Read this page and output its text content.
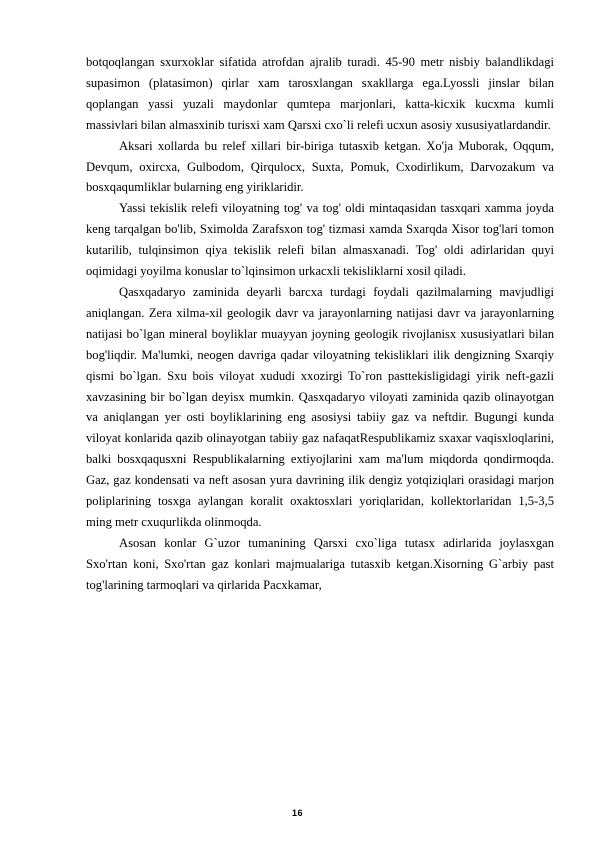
botqoqlangan sxurxoklar sifatida atrofdan ajralib turadi. 45-90 metr nisbiy balandlikdagi supasimon (platasimon) qirlar xam tarosxlangan sxakllarga ega.Lyossli jinslar bilan qoplangan yassi yuzali maydonlar qumtepa marjonlari, katta-kicxik kucxma kumli massivlari bilan almasxinib turisxi xam Qarsxi cxo`li relefi ucxun asosiy xususiyatlardandir.

Aksari xollarda bu relef xillari bir-biriga tutasxib ketgan. Xo'ja Muborak, Oqqum, Devqum, oxircxa, Gulbodom, Qirqulocx, Suxta, Pomuk, Cxodirlikum, Darvozakum va bosxqaqumliklar bularning eng yiriklaridir.

Yassi tekislik relefi viloyatning tog' va tog' oldi mintaqasidan tasxqari xamma joyda keng tarqalgan bo'lib, Sximolda Zarafsxon tog' tizmasi xamda Sxarqda Xisor tog'lari tomon kutarilib, tulqinsimon qiya tekislik relefi bilan almasxanadi. Tog' oldi adirlaridan quyi oqimidagi yoyilma konuslar to`lqinsimon urkacxli tekisliklarni xosil qiladi.

Qasxqadaryo zaminida deyarli barcxa turdagi foydali qazilmalarning mavjudligi aniqlangan. Zera xilma-xil geologik davr va jarayonlarning natijasi davr va jarayonlarning natijasi bo`lgan mineral boyliklar muayyan joyning geologik rivojlanisx xususiyatlari bilan bog'liqdir. Ma'lumki, neogen davriga qadar viloyatning tekisliklari ilik dengizning Sxarqiy qismi bo`lgan. Sxu bois viloyat xududi xxozirgi To`ron pasttekisligidagi yirik neft-gazli xavzasining bir bo`lgan deyisx mumkin. Qasxqadaryo viloyati zaminida qazib olinayotgan va aniqlangan yer osti boyliklarining eng asosiysi tabiiy gaz va neftdir. Bugungi kunda viloyat konlarida qazib olinayotgan tabiiy gaz nafaqatRespublikamiz sxaxar vaqisxloqlarini, balki bosxqaqusxni Respublikalarning extiyojlarini xam ma'lum miqdorda qondirmoqda. Gaz, gaz kondensati va neft asosan yura davrining ilik dengiz yotqiziqlari orasidagi marjon poliplarining tosxga aylangan koralit oxaktosxlari yoriqlaridan, kollektorlaridan 1,5-3,5 ming metr cxuqurlikda olinmoqda.

Asosan konlar G`uzor tumanining Qarsxi cxo`liga tutasx adirlarida joylasxgan Sxo'rtan koni, Sxo'rtan gaz konlari majmualariga tutasxib ketgan.Xisorning G`arbiy past tog'larining tarmoqlari va qirlarida Pacxkamar,

16
